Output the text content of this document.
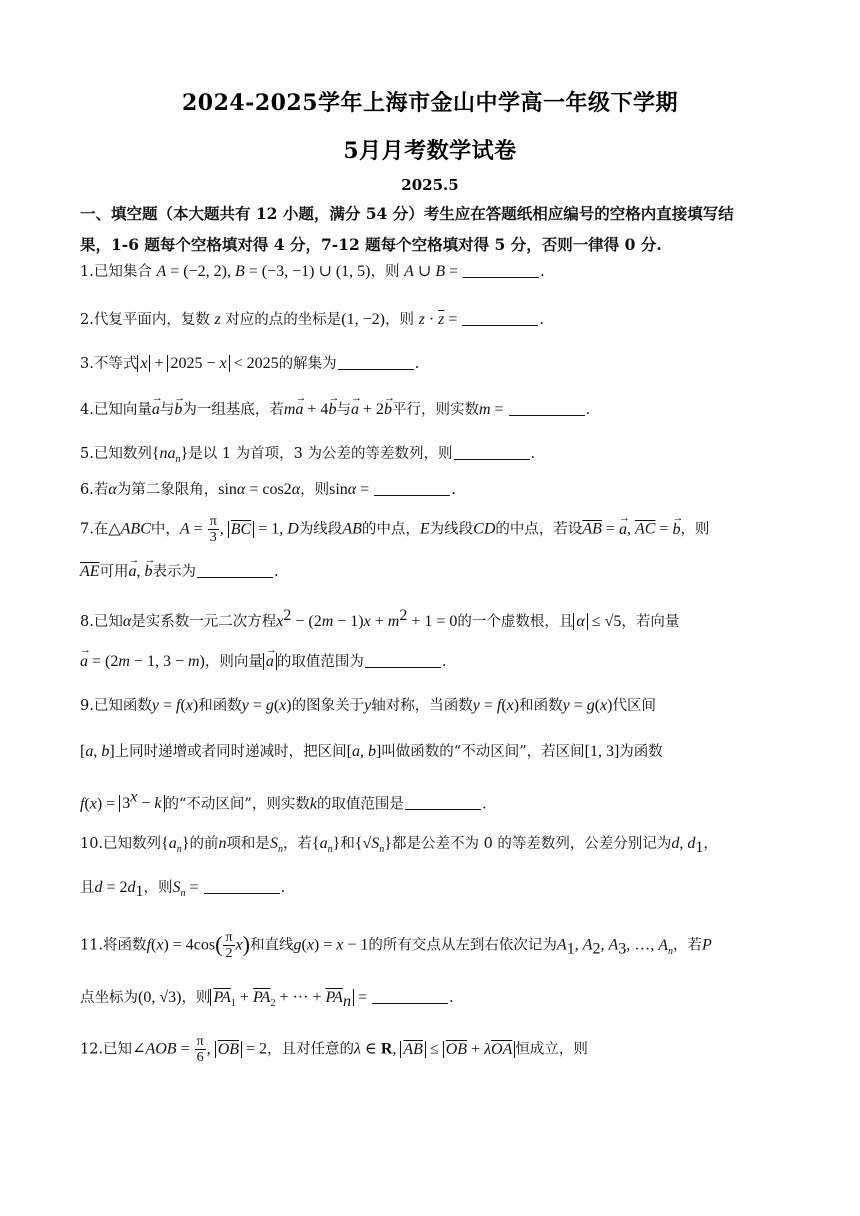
2024-2025学年上海市金山中学高一年级下学期
5月月考数学试卷
2025.5
一、填空题（本大题共有 12 小题，满分 54 分）考生应在答题纸相应编号的空格内直接填写结
果，1-6 题每个空格填对得 4 分，7-12 题每个空格填对得 5 分，否则一律得 0 分.
1.已知集合 A = (−2, 2), B = (−3, −1) ∪ (1, 5)，则 A ∪ B =	.
2.代复平面内，复数 z 对应的点的坐标是(1, −2)，则 $z \cdot \overline{z}$ =	.
3.不等式 x + 2025 − x < 2025的解集为	.
4.已知向量→ a与→ b为一组基底，若m→ a + 4→ b与→ a + 2→ b平行，则实数m =	.
5.已知数列$\{na_n\}$是以 1 为首项，3 为公差的等差数列，则	.
6.若α为第二象限角，sinα = cos2α，则sinα =	.
7.在△ABC中，$A = \frac{\pi}{3}$ , $\overline{BC} = 1$, D为线段AB的中点，E为线段CD的中点，若设$\overline{AB}$ = → a, $\overline{AC}$ = → b，则
$\overline{AE}$可用→ a, → b表示为	.
8.已知α是实系数一元二次方程$x^2 - (2m - 1)x + m^2 + 1 = 0$的一个虚数根，且 α ≤ √5，若向量
→ a = (2m − 1, 3 − m)，则向量 → a 的取值范围为	.
9.已知函数y = f(x)和函数y = g(x)的图象关于y轴对称，当函数y = f(x)和函数y = g(x)代区间
[a, b]上同时递增或者同时递减时，把区间[a, b]叫做函数的“不动区间”，若区间[1, 3]为函数
$f(x) = 3^x - k$ 的“不动区间”，则实数k的取值范围是	.
10.已知数列$\{a_n\}$的前n项和是$S_n$，若$\{a_n\}$和$\{√S_n\}$都是公差不为 0 的等差数列，公差分别记为d, $d_1$，
且$d = 2d_1$，则$S_n$ =	.
11.将函数$f(x) = 4\cos( \frac{\pi}{2} x)$和直线g(x) = x − 1的所有交点从左到右依次记为$A_1$, $A_2$, $A_3$, …, $A_n$，若P
点坐标为(0, √3)，则 $\overline{PA}_1 + \overline{PA}_2$ + ··· + $\overline{PA}_n$ =	.
12.已知∠AOB = $\frac{\pi}{6}$ , $\overline{OB} = 2$，且对任意的λ ∈ R, $\overline{AB} \le \overline{OB} + \lambda\overline{OA}$ 恒成立，则
